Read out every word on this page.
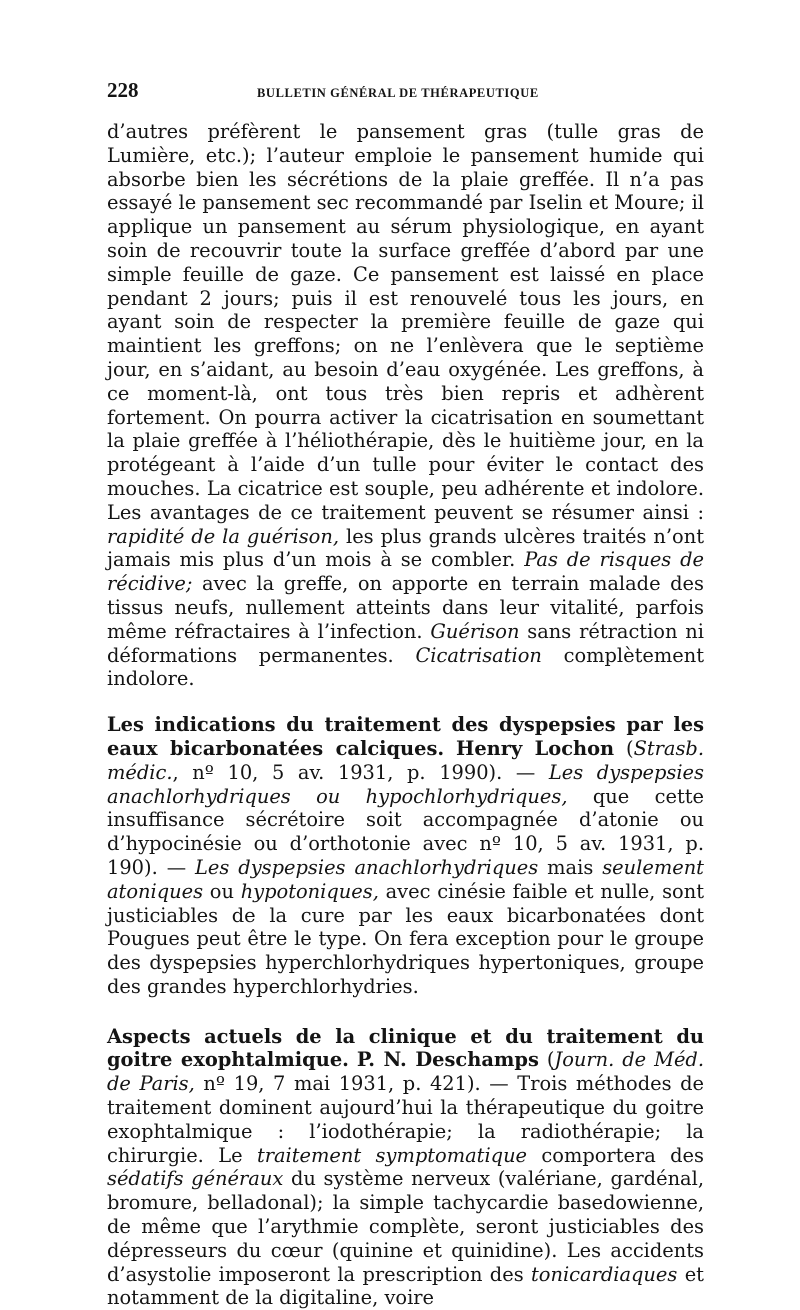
228	BULLETIN GÉNÉRAL DE THÉRAPEUTIQUE

d’autres préfèrent le pansement gras (tulle gras de Lumière, etc.); l’auteur emploie le pansement humide qui absorbe bien les sécrétions de la plaie greffée. Il n’a pas essayé le pansement sec recommandé par Iselin et Moure; il applique un pansement au sérum physiologique, en ayant soin de recouvrir toute la surface greffée d’abord par une simple feuille de gaze. Ce pansement est laissé en place pendant 2 jours; puis il est renouvelé tous les jours, en ayant soin de respecter la première feuille de gaze qui maintient les greffons; on ne l’enlèvera que le septième jour, en s’aidant, au besoin d’eau oxygénée. Les greffons, à ce moment-là, ont tous très bien repris et adhèrent fortement. On pourra activer la cicatrisation en soumettant la plaie greffée à l’héliothérapie, dès le huitième jour, en la protégeant à l’aide d’un tulle pour éviter le contact des mouches. La cicatrice est souple, peu adhérente et indolore. Les avantages de ce traitement peuvent se résumer ainsi : rapidité de la guérison, les plus grands ulcères traités n’ont jamais mis plus d’un mois à se combler. Pas de risques de récidive; avec la greffe, on apporte en terrain malade des tissus neufs, nullement atteints dans leur vitalité, parfois même réfractaires à l’infection. Guérison sans rétraction ni déformations permanentes. Cicatrisation complètement indolore.

Les indications du traitement des dyspepsies par les eaux bicarbonatées calciques. Henry Lochon (Strasb. médic., nº 10, 5 av. 1931, p. 1990). — Les dyspepsies anachlorhydriques ou hypochlorhydriques, que cette insuffisance sécrétoire soit accompagnée d’atonie ou d’hypocinésie ou d’orthotonie avec nº 10, 5 av. 1931, p. 190). — Les dyspepsies anachlorhydriques mais seulement atoniques ou hypotoniques, avec cinésie faible et nulle, sont justiciables de la cure par les eaux bicarbonatées dont Pougues peut être le type. On fera exception pour le groupe des dyspepsies hyperchlorhydriques hypertoniques, groupe des grandes hyperchlorhydries.

Aspects actuels de la clinique et du traitement du goitre exophtalmique. P. N. Deschamps (Journ. de Méd. de Paris, nº 19, 7 mai 1931, p. 421). — Trois méthodes de traitement dominent aujourd’hui la thérapeutique du goitre exophtalmique : l’iodothérapie; la radiothérapie; la chirurgie. Le traitement symptomatique comportera des sédatifs généraux du système nerveux (valériane, gardénal, bromure, belladonal); la simple tachycardie basedowienne, de même que l’arythmie complète, seront justiciables des dépresseurs du cœur (quinine et quinidine). Les accidents d’asystolie imposeront la prescription des tonicardiaques et notamment de la digitaline, voire
